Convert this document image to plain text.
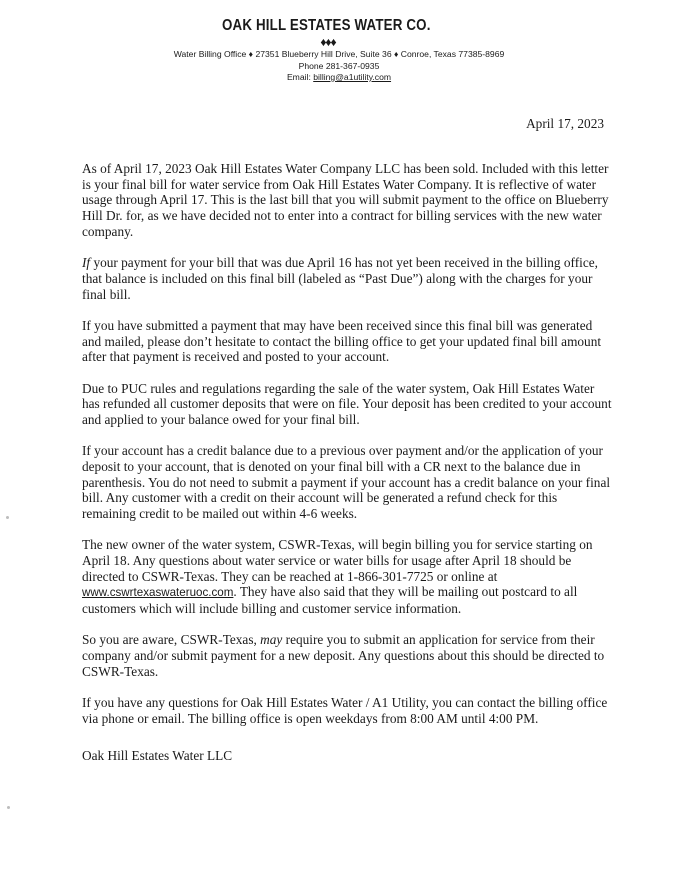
OAK HILL ESTATES WATER CO.
♦♦♦
Water Billing Office ♦ 27351 Blueberry Hill Drive, Suite 36 ♦ Conroe, Texas 77385-8969
Phone 281-367-0935
Email: billing@a1utility.com
April 17, 2023

As of April 17, 2023 Oak Hill Estates Water Company LLC has been sold. Included with this letter is your final bill for water service from Oak Hill Estates Water Company. It is reflective of water usage through April 17. This is the last bill that you will submit payment to the office on Blueberry Hill Dr. for, as we have decided not to enter into a contract for billing services with the new water company.

If your payment for your bill that was due April 16 has not yet been received in the billing office, that balance is included on this final bill (labeled as “Past Due”) along with the charges for your final bill.

If you have submitted a payment that may have been received since this final bill was generated and mailed, please don’t hesitate to contact the billing office to get your updated final bill amount after that payment is received and posted to your account.

Due to PUC rules and regulations regarding the sale of the water system, Oak Hill Estates Water has refunded all customer deposits that were on file. Your deposit has been credited to your account and applied to your balance owed for your final bill.

If your account has a credit balance due to a previous over payment and/or the application of your deposit to your account, that is denoted on your final bill with a CR next to the balance due in parenthesis. You do not need to submit a payment if your account has a credit balance on your final bill. Any customer with a credit on their account will be generated a refund check for this remaining credit to be mailed out within 4-6 weeks.

The new owner of the water system, CSWR-Texas, will begin billing you for service starting on April 18. Any questions about water service or water bills for usage after April 18 should be directed to CSWR-Texas. They can be reached at 1-866-301-7725 or online at www.cswrtexaswateruoc.com. They have also said that they will be mailing out postcard to all customers which will include billing and customer service information.

So you are aware, CSWR-Texas, may require you to submit an application for service from their company and/or submit payment for a new deposit. Any questions about this should be directed to CSWR-Texas.

If you have any questions for Oak Hill Estates Water / A1 Utility, you can contact the billing office via phone or email. The billing office is open weekdays from 8:00 AM until 4:00 PM.

Oak Hill Estates Water LLC
